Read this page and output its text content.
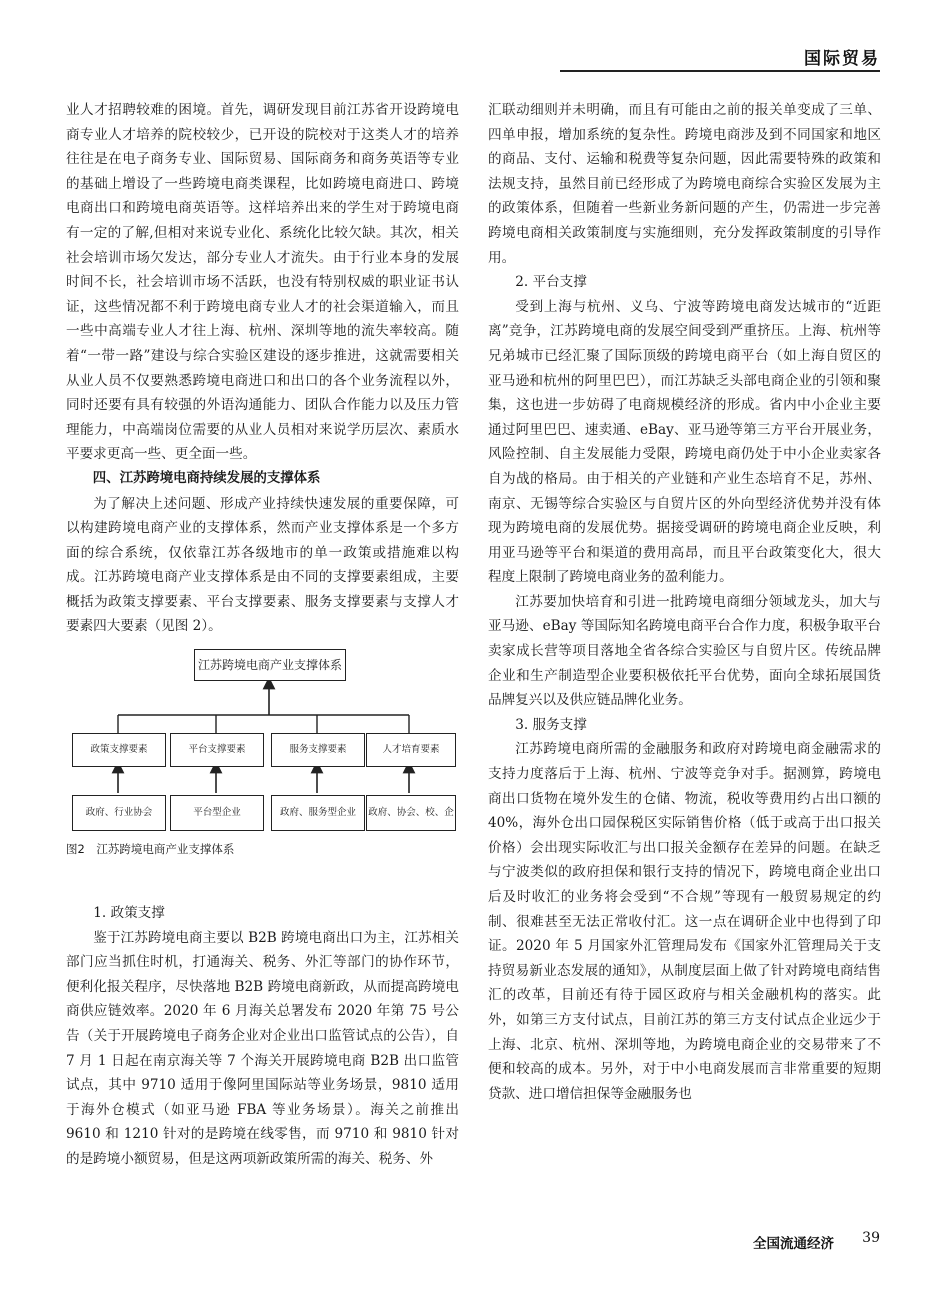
国际贸易

业人才招聘较难的困境。首先，调研发现目前江苏省开设跨境电商专业人才培养的院校较少，已开设的院校对于这类人才的培养往往是在电子商务专业、国际贸易、国际商务和商务英语等专业的基础上增设了一些跨境电商类课程，比如跨境电商进口、跨境电商出口和跨境电商英语等。这样培养出来的学生对于跨境电商有一定的了解,但相对来说专业化、系统化比较欠缺。其次，相关社会培训市场欠发达，部分专业人才流失。由于行业本身的发展时间不长，社会培训市场不活跃，也没有特别权威的职业证书认证，这些情况都不利于跨境电商专业人才的社会渠道输入，而且一些中高端专业人才往上海、杭州、深圳等地的流失率较高。随着“一带一路”建设与综合实验区建设的逐步推进，这就需要相关从业人员不仅要熟悉跨境电商进口和出口的各个业务流程以外，同时还要有具有较强的外语沟通能力、团队合作能力以及压力管理能力，中高端岗位需要的从业人员相对来说学历层次、素质水平要求更高一些、更全面一些。

四、江苏跨境电商持续发展的支撑体系

为了解决上述问题、形成产业持续快速发展的重要保障，可以构建跨境电商产业的支撑体系，然而产业支撑体系是一个多方面的综合系统，仅依靠江苏各级地市的单一政策或措施难以构成。江苏跨境电商产业支撑体系是由不同的支撑要素组成，主要概括为政策支撑要素、平台支撑要素、服务支撑要素与支撑人才要素四大要素（见图 2）。

江苏跨境电商产业支撑体系
政策支撑要素	平台支撑要素	服务支撑要素	人才培育要素
政府、行业协会	平台型企业	政府、服务型企业	政府、协会、校、企

图2　江苏跨境电商产业支撑体系

1. 政策支撑

鉴于江苏跨境电商主要以 B2B 跨境电商出口为主，江苏相关部门应当抓住时机，打通海关、税务、外汇等部门的协作环节，便利化报关程序，尽快落地 B2B 跨境电商新政，从而提高跨境电商供应链效率。2020 年 6 月海关总署发布 2020 年第 75 号公告（关于开展跨境电子商务企业对企业出口监管试点的公告），自 7 月 1 日起在南京海关等 7 个海关开展跨境电商 B2B 出口监管试点，其中 9710 适用于像阿里国际站等业务场景，9810 适用于海外仓模式（如亚马逊 FBA 等业务场景）。海关之前推出 9610 和 1210 针对的是跨境在线零售，而 9710 和 9810 针对的是跨境小额贸易，但是这两项新政策所需的海关、税务、外

汇联动细则并未明确，而且有可能由之前的报关单变成了三单、四单申报，增加系统的复杂性。跨境电商涉及到不同国家和地区的商品、支付、运输和税费等复杂问题，因此需要特殊的政策和法规支持，虽然目前已经形成了为跨境电商综合实验区发展为主的政策体系，但随着一些新业务新问题的产生，仍需进一步完善跨境电商相关政策制度与实施细则，充分发挥政策制度的引导作用。

2. 平台支撑

受到上海与杭州、义乌、宁波等跨境电商发达城市的“近距离”竞争，江苏跨境电商的发展空间受到严重挤压。上海、杭州等兄弟城市已经汇聚了国际顶级的跨境电商平台（如上海自贸区的亚马逊和杭州的阿里巴巴），而江苏缺乏头部电商企业的引领和聚集，这也进一步妨碍了电商规模经济的形成。省内中小企业主要通过阿里巴巴、速卖通、eBay、亚马逊等第三方平台开展业务，风险控制、自主发展能力受限，跨境电商仍处于中小企业卖家各自为战的格局。由于相关的产业链和产业生态培育不足，苏州、南京、无锡等综合实验区与自贸片区的外向型经济优势并没有体现为跨境电商的发展优势。据接受调研的跨境电商企业反映，利用亚马逊等平台和渠道的费用高昂，而且平台政策变化大，很大程度上限制了跨境电商业务的盈利能力。

江苏要加快培育和引进一批跨境电商细分领域龙头，加大与亚马逊、eBay 等国际知名跨境电商平台合作力度，积极争取平台卖家成长营等项目落地全省各综合实验区与自贸片区。传统品牌企业和生产制造型企业要积极依托平台优势，面向全球拓展国货品牌复兴以及供应链品牌化业务。

3. 服务支撑

江苏跨境电商所需的金融服务和政府对跨境电商金融需求的支持力度落后于上海、杭州、宁波等竞争对手。据测算，跨境电商出口货物在境外发生的仓储、物流，税收等费用约占出口额的 40%，海外仓出口园保税区实际销售价格（低于或高于出口报关价格）会出现实际收汇与出口报关金额存在差异的问题。在缺乏与宁波类似的政府担保和银行支持的情况下，跨境电商企业出口后及时收汇的业务将会受到“不合规”等现有一般贸易规定的约制、很难甚至无法正常收付汇。这一点在调研企业中也得到了印证。2020 年 5 月国家外汇管理局发布《国家外汇管理局关于支持贸易新业态发展的通知》，从制度层面上做了针对跨境电商结售汇的改革，目前还有待于园区政府与相关金融机构的落实。此外，如第三方支付试点，目前江苏的第三方支付试点企业远少于上海、北京、杭州、深圳等地，为跨境电商企业的交易带来了不便和较高的成本。另外，对于中小电商发展而言非常重要的短期贷款、进口增信担保等金融服务也

全国流通经济 39
